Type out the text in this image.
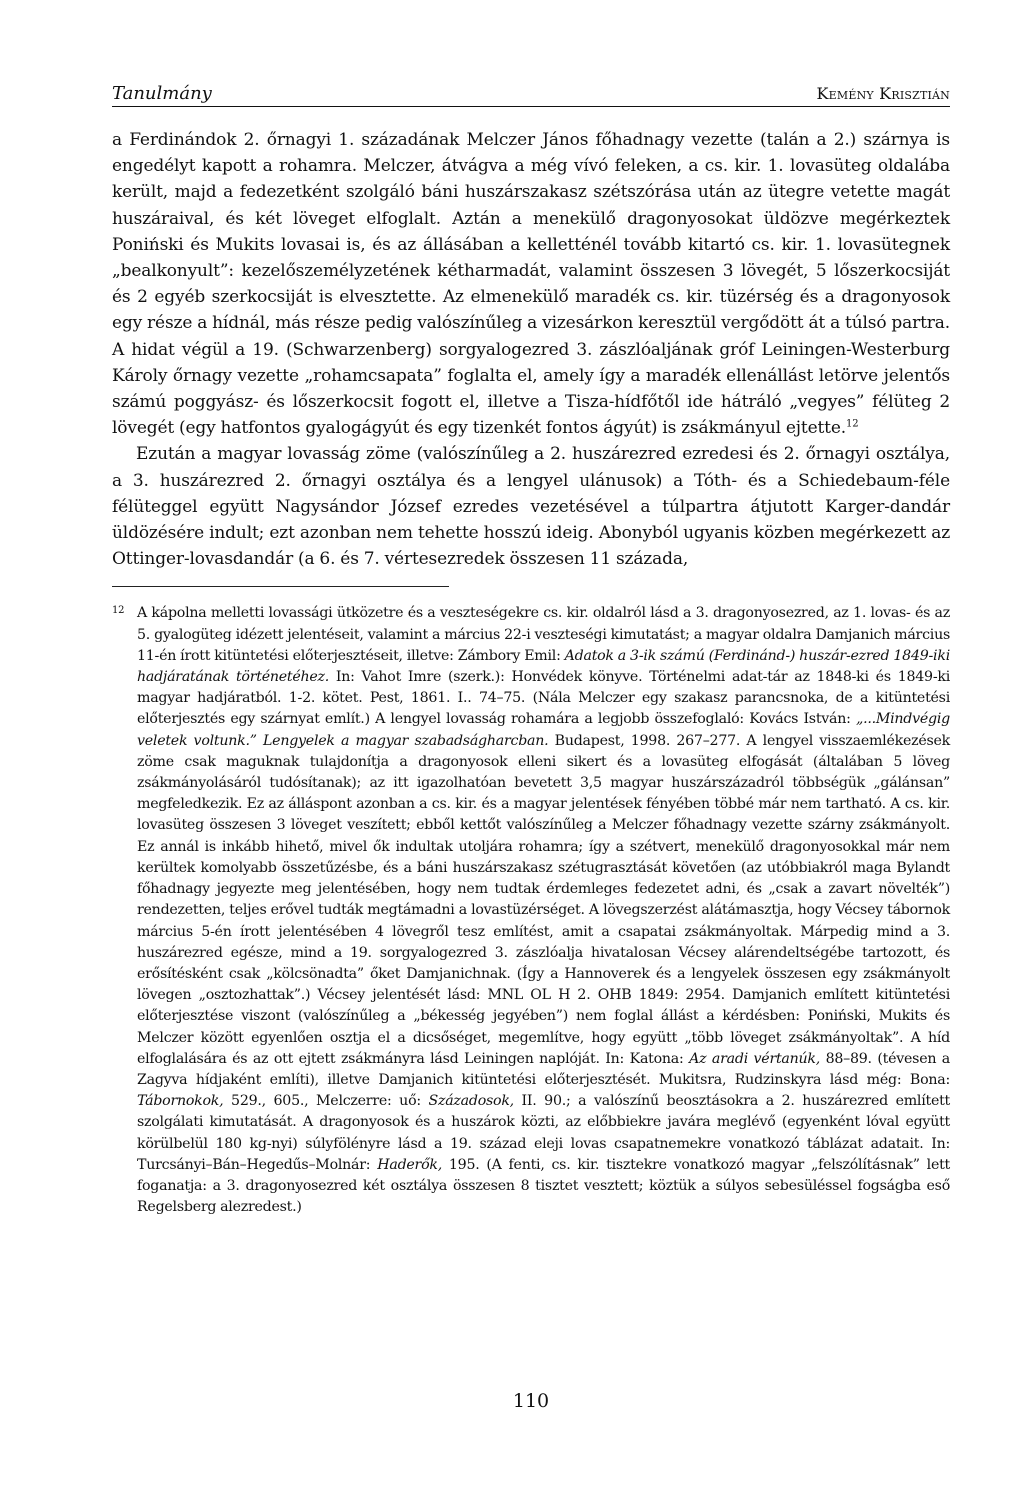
Tanulmány	Kemény Krisztián

a Ferdinándok 2. őrnagyi 1. századának Melczer János főhadnagy vezette (talán a 2.) szárnya is engedélyt kapott a rohamra. Melczer, átvágva a még vívó feleken, a cs. kir. 1. lovasüteg oldalába került, majd a fedezetként szolgáló báni huszárszakasz szétszórása után az ütegre vetette magát huszáraival, és két löveget elfoglalt. Aztán a menekülő dragonyosokat üldözve megérkeztek Poniński és Mukits lovasai is, és az állásában a kelletténél tovább kitartó cs. kir. 1. lovasütegnek „bealkonyult”: kezelőszemélyzetének kétharmadát, valamint összesen 3 lövegét, 5 lőszerkocsiját és 2 egyéb szerkocsiját is elvesztette. Az elmenekülő maradék cs. kir. tüzérség és a dragonyosok egy része a hídnál, más része pedig valószínűleg a vizesárkon keresztül vergődött át a túlsó partra. A hidat végül a 19. (Schwarzenberg) sorgyalogezred 3. zászlóaljának gróf Leiningen-Westerburg Károly őrnagy vezette „rohamcsapata” foglalta el, amely így a maradék ellenállást letörve jelentős számú poggyász- és lőszerkocsit fogott el, illetve a Tisza-hídfőtől ide hátráló „vegyes” félüteg 2 lövegét (egy hatfontos gyalogágyút és egy tizenkét fontos ágyút) is zsákmányul ejtette.$^{12}$

Ezután a magyar lovasság zöme (valószínűleg a 2. huszárezred ezredesi és 2. őrnagyi osztálya, a 3. huszárezred 2. őrnagyi osztálya és a lengyel ulánusok) a Tóth- és a Schiedebaum-féle félüteggel együtt Nagysándor József ezredes vezetésével a túlpartra átjutott Karger-dandár üldözésére indult; ezt azonban nem tehette hosszú ideig. Abonyból ugyanis közben megérkezett az Ottinger-lovasdandár (a 6. és 7. vértesezredek összesen 11 százada,

12 A kápolna melletti lovassági ütközetre és a veszteségekre cs. kir. oldalról lásd a 3. dragonyosezred, az 1. lovas- és az 5. gyalogüteg idézett jelentéseit, valamint a március 22-i veszteségi kimutatást; a magyar oldalra Damjanich március 11-én írott kitüntetési előterjesztéseit, illetve: Zámbory Emil: Adatok a 3-ik számú (Ferdinánd-) huszár-ezred 1849-iki hadjáratának történetéhez. In: Vahot Imre (szerk.): Honvédek könyve. Történelmi adat-tár az 1848-ki és 1849-ki magyar hadjáratból. 1-2. kötet. Pest, 1861. I.. 74–75. (Nála Melczer egy szakasz parancsnoka, de a kitüntetési előterjesztés egy szárnyat említ.) A lengyel lovasság rohamára a legjobb összefoglaló: Kovács István: „...Mindvégig veletek voltunk.” Lengyelek a magyar szabadságharcban. Budapest, 1998. 267–277. A lengyel visszaemlékezések zöme csak maguknak tulajdonítja a dragonyosok elleni sikert és a lovasüteg elfogását (általában 5 löveg zsákmányolásáról tudósítanak); az itt igazolhatóan bevetett 3,5 magyar huszárszázadról többségük „gálánsan” megfeledkezik. Ez az álláspont azonban a cs. kir. és a magyar jelentések fényében többé már nem tartható. A cs. kir. lovasüteg összesen 3 löveget veszített; ebből kettőt valószínűleg a Melczer főhadnagy vezette szárny zsákmányolt. Ez annál is inkább hihető, mivel ők indultak utoljára rohamra; így a szétvert, menekülő dragonyosokkal már nem kerültek komolyabb összetűzésbe, és a báni huszárszakasz szétugrasztását követően (az utóbbiakról maga Bylandt főhadnagy jegyezte meg jelentésében, hogy nem tudtak érdemleges fedezetet adni, és „csak a zavart növelték”) rendezetten, teljes erővel tudták megtámadni a lovastüzérséget. A lövegszerzést alátámasztja, hogy Vécsey tábornok március 5-én írott jelentésében 4 lövegről tesz említést, amit a csapatai zsákmányoltak. Márpedig mind a 3. huszárezred egésze, mind a 19. sorgyalogezred 3. zászlóalja hivatalosan Vécsey alárendeltségébe tartozott, és erősítésként csak „kölcsönadta” őket Damjanichnak. (Így a Hannoverek és a lengyelek összesen egy zsákmányolt lövegen „osztozhattak”.) Vécsey jelentését lásd: MNL OL H 2. OHB 1849: 2954. Damjanich említett kitüntetési előterjesztése viszont (valószínűleg a „békesség jegyében”) nem foglal állást a kérdésben: Poniński, Mukits és Melczer között egyenlően osztja el a dicsőséget, megemlítve, hogy együtt „több löveget zsákmányoltak”. A híd elfoglalására és az ott ejtett zsákmányra lásd Leiningen naplóját. In: Katona: Az aradi vértanúk, 88–89. (tévesen a Zagyva hídjaként említi), illetve Damjanich kitüntetési előterjesztését. Mukitsra, Rudzinskyra lásd még: Bona: Tábornokok, 529., 605., Melczerre: uő: Századosok, II. 90.; a valószínű beosztásokra a 2. huszárezred említett szolgálati kimutatását. A dragonyosok és a huszárok közti, az előbbiekre javára meglévő (egyenként lóval együtt körülbelül 180 kg-nyi) súlyfölényre lásd a 19. század eleji lovas csapatnemekre vonatkozó táblázat adatait. In: Turcsányi–Bán–Hegedűs–Molnár: Haderők, 195. (A fenti, cs. kir. tisztekre vonatkozó magyar „felszólításnak” lett foganatja: a 3. dragonyosezred két osztálya összesen 8 tisztet vesztett; köztük a súlyos sebesüléssel fogságba eső Regelsberg alezredest.)
110
